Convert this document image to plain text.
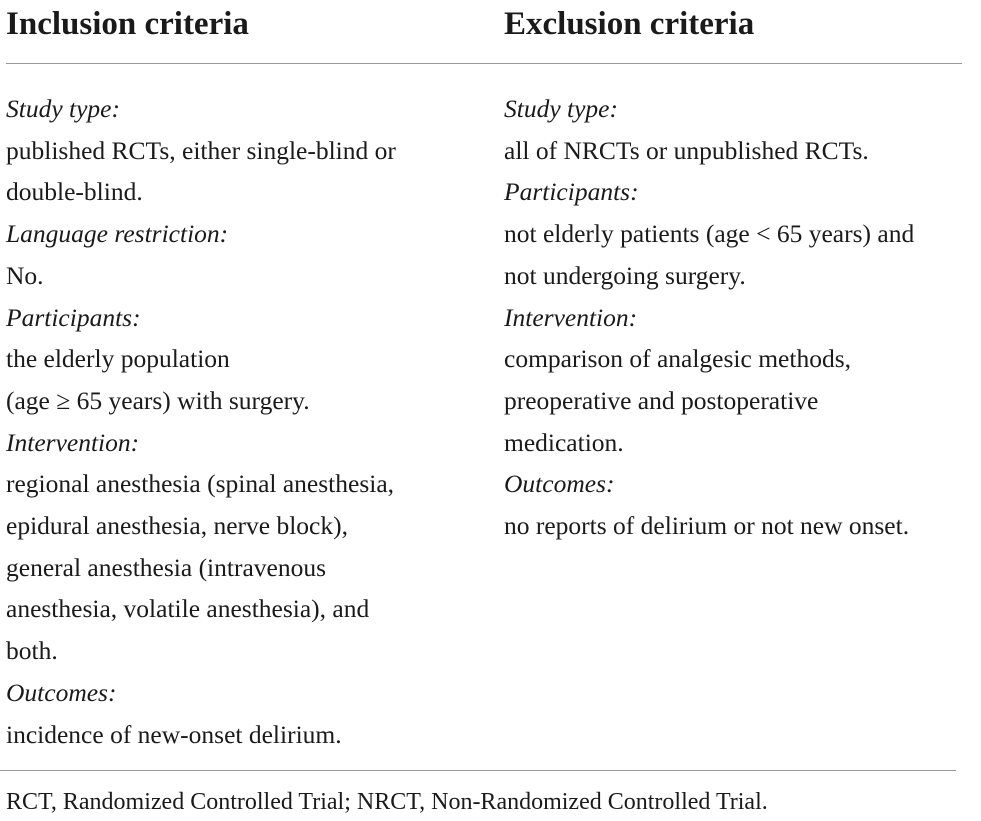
Inclusion criteria	Exclusion criteria
Study type:
published RCTs, either single-blind or
double-blind.
Language restriction:
No.
Participants:
the elderly population
(age ≥ 65 years) with surgery.
Intervention:
regional anesthesia (spinal anesthesia,
epidural anesthesia, nerve block),
general anesthesia (intravenous
anesthesia, volatile anesthesia), and
both.
Outcomes:
incidence of new-onset delirium.
Study type:
all of NRCTs or unpublished RCTs.
Participants:
not elderly patients (age < 65 years) and
not undergoing surgery.
Intervention:
comparison of analgesic methods,
preoperative and postoperative
medication.
Outcomes:
no reports of delirium or not new onset.
RCT, Randomized Controlled Trial; NRCT, Non-Randomized Controlled Trial.
